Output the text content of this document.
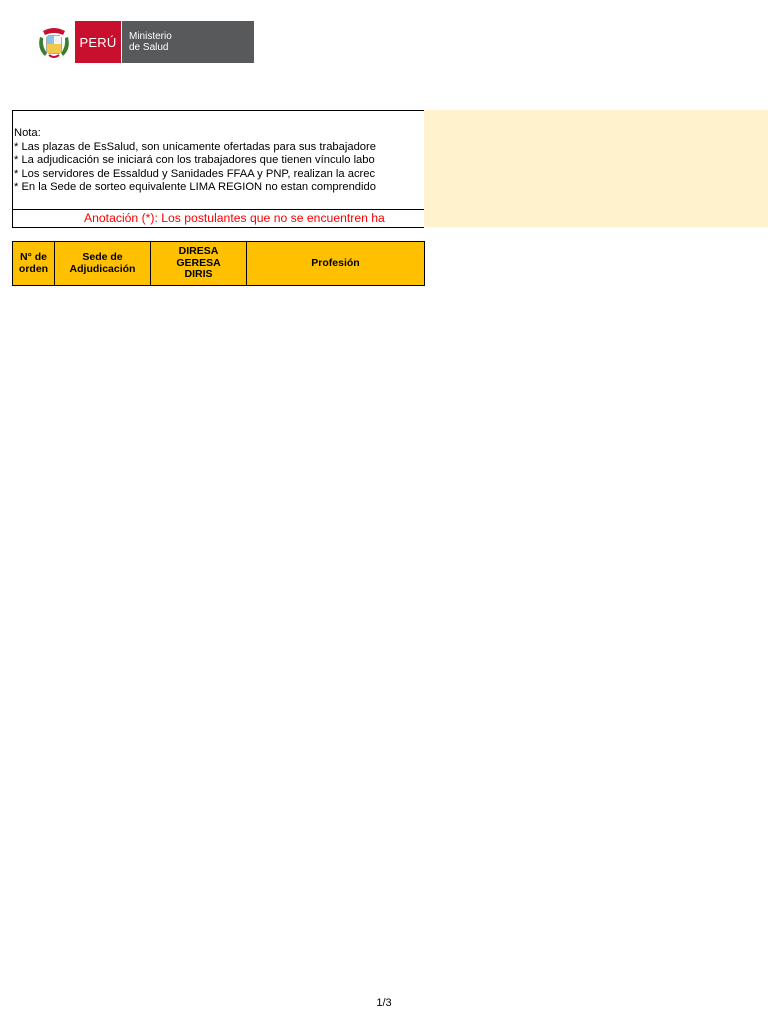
PERÚ	Ministerio
de Salud
Nota:
* Las plazas de EsSalud, son unicamente ofertadas para sus trabajadore
* La adjudicación se iniciará con los trabajadores que tienen vínculo labo
* Los servidores de Essaldud y Sanidades FFAA y PNP, realizan la acrec
* En la Sede de sorteo equivalente LIMA REGION no estan comprendido
Anotación (*): Los postulantes que no se encuentren ha
N° de
orden
Sede de
Adjudicación
DIRESA
GERESA
DIRIS
Profesión
1/3
